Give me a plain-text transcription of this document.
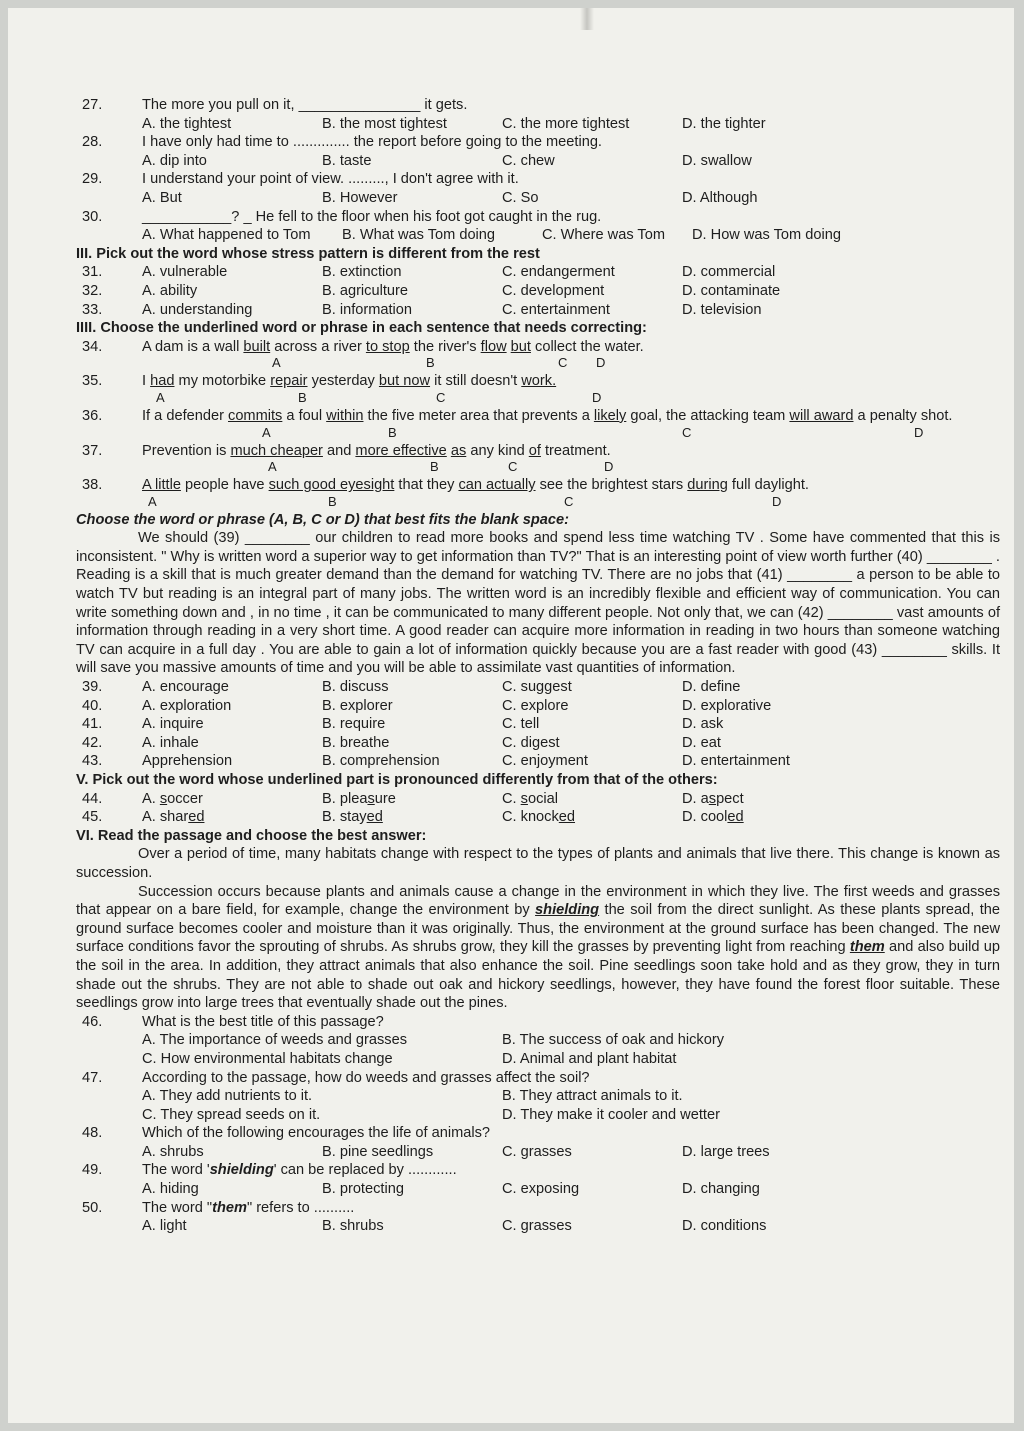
27.	The more you pull on it, _______________ it gets.
A. the tightest	B. the most tightest	C. the more tightest	D. the tighter
28.	I have only had time to .............. the report before going to the meeting.
A. dip into	B. taste	C. chew	D. swallow
29.	I understand your point of view. ........., I don't agree with it.
A. But	B. However	C. So	D. Although
30.	___________? _ He fell to the floor when his foot got caught in the rug.
A. What happened to Tom	B. What was Tom doing	C. Where was Tom	D. How was Tom doing
III. Pick out the word whose stress pattern is different from the rest
31.	A. vulnerable	B. extinction	C. endangerment	D. commercial
32.	A. ability	B. agriculture	C. development	D. contaminate
33.	A. understanding	B. information	C. entertainment	D. television
IIII. Choose the underlined word or phrase in each sentence that needs correcting:
34.	A dam is a wall built across a river to stop the river's flow but collect the water.
A	B	C D
35.	I had my motorbike repair yesterday but now it still doesn't work.
A	B	C	D
36.	If a defender commits a foul within the five meter area that prevents a likely goal, the attacking team will award a penalty shot.
A	B	C	D
37.	Prevention is much cheaper and more effective as any kind of treatment.
A	B	C	D
38.	A little people have such good eyesight that they can actually see the brightest stars during full daylight.
A	B	C	D
Choose the word or phrase (A, B, C or D) that best fits the blank space:
We should (39) ________ our children to read more books and spend less time watching TV . Some have commented that this is inconsistent. " Why is written word a superior way to get information than TV?" That is an interesting point of view worth further (40) ________ . Reading is a skill that is much greater demand than the demand for watching TV. There are no jobs that (41) ________ a person to be able to watch TV but reading is an integral part of many jobs. The written word is an incredibly flexible and efficient way of communication. You can write something down and , in no time , it can be communicated to many different people. Not only that, we can (42) ________ vast amounts of information through reading in a very short time. A good reader can acquire more information in reading in two hours than someone watching TV can acquire in a full day . You are able to gain a lot of information quickly because you are a fast reader with good (43) ________ skills. It will save you massive amounts of time and you will be able to assimilate vast quantities of information.
39.	A. encourage	B. discuss	C. suggest	D. define
40.	A. exploration	B. explorer	C. explore	D. explorative
41.	A. inquire	B. require	C. tell	D. ask
42.	A. inhale	B. breathe	C. digest	D. eat
43.	Apprehension	B. comprehension	C. enjoyment	D. entertainment
V. Pick out the word whose underlined part is pronounced differently from that of the others:
44.	A. soccer	B. pleasure	C. social	D. aspect
45.	A. shared	B. stayed	C. knocked	D. cooled
VI. Read the passage and choose the best answer:
Over a period of time, many habitats change with respect to the types of plants and animals that live there. This change is known as succession.
Succession occurs because plants and animals cause a change in the environment in which they live. The first weeds and grasses that appear on a bare field, for example, change the environment by shielding the soil from the direct sunlight. As these plants spread, the ground surface becomes cooler and moisture than it was originally. Thus, the environment at the ground surface has been changed. The new surface conditions favor the sprouting of shrubs. As shrubs grow, they kill the grasses by preventing light from reaching them and also build up the soil in the area. In addition, they attract animals that also enhance the soil. Pine seedlings soon take hold and as they grow, they in turn shade out the shrubs. They are not able to shade out oak and hickory seedlings, however, they have found the forest floor suitable. These seedlings grow into large trees that eventually shade out the pines.
46.	What is the best title of this passage?
A. The importance of weeds and grasses	B. The success of oak and hickory
C. How environmental habitats change	D. Animal and plant habitat
47.	According to the passage, how do weeds and grasses affect the soil?
A. They add nutrients to it.	B. They attract animals to it.
C. They spread seeds on it.	D. They make it cooler and wetter
48.	Which of the following encourages the life of animals?
A. shrubs	B. pine seedlings	C. grasses	D. large trees
49.	The word 'shielding' can be replaced by ............
A. hiding	B. protecting	C. exposing	D. changing
50.	The word "them" refers to ..........
A. light	B. shrubs	C. grasses	D. conditions
